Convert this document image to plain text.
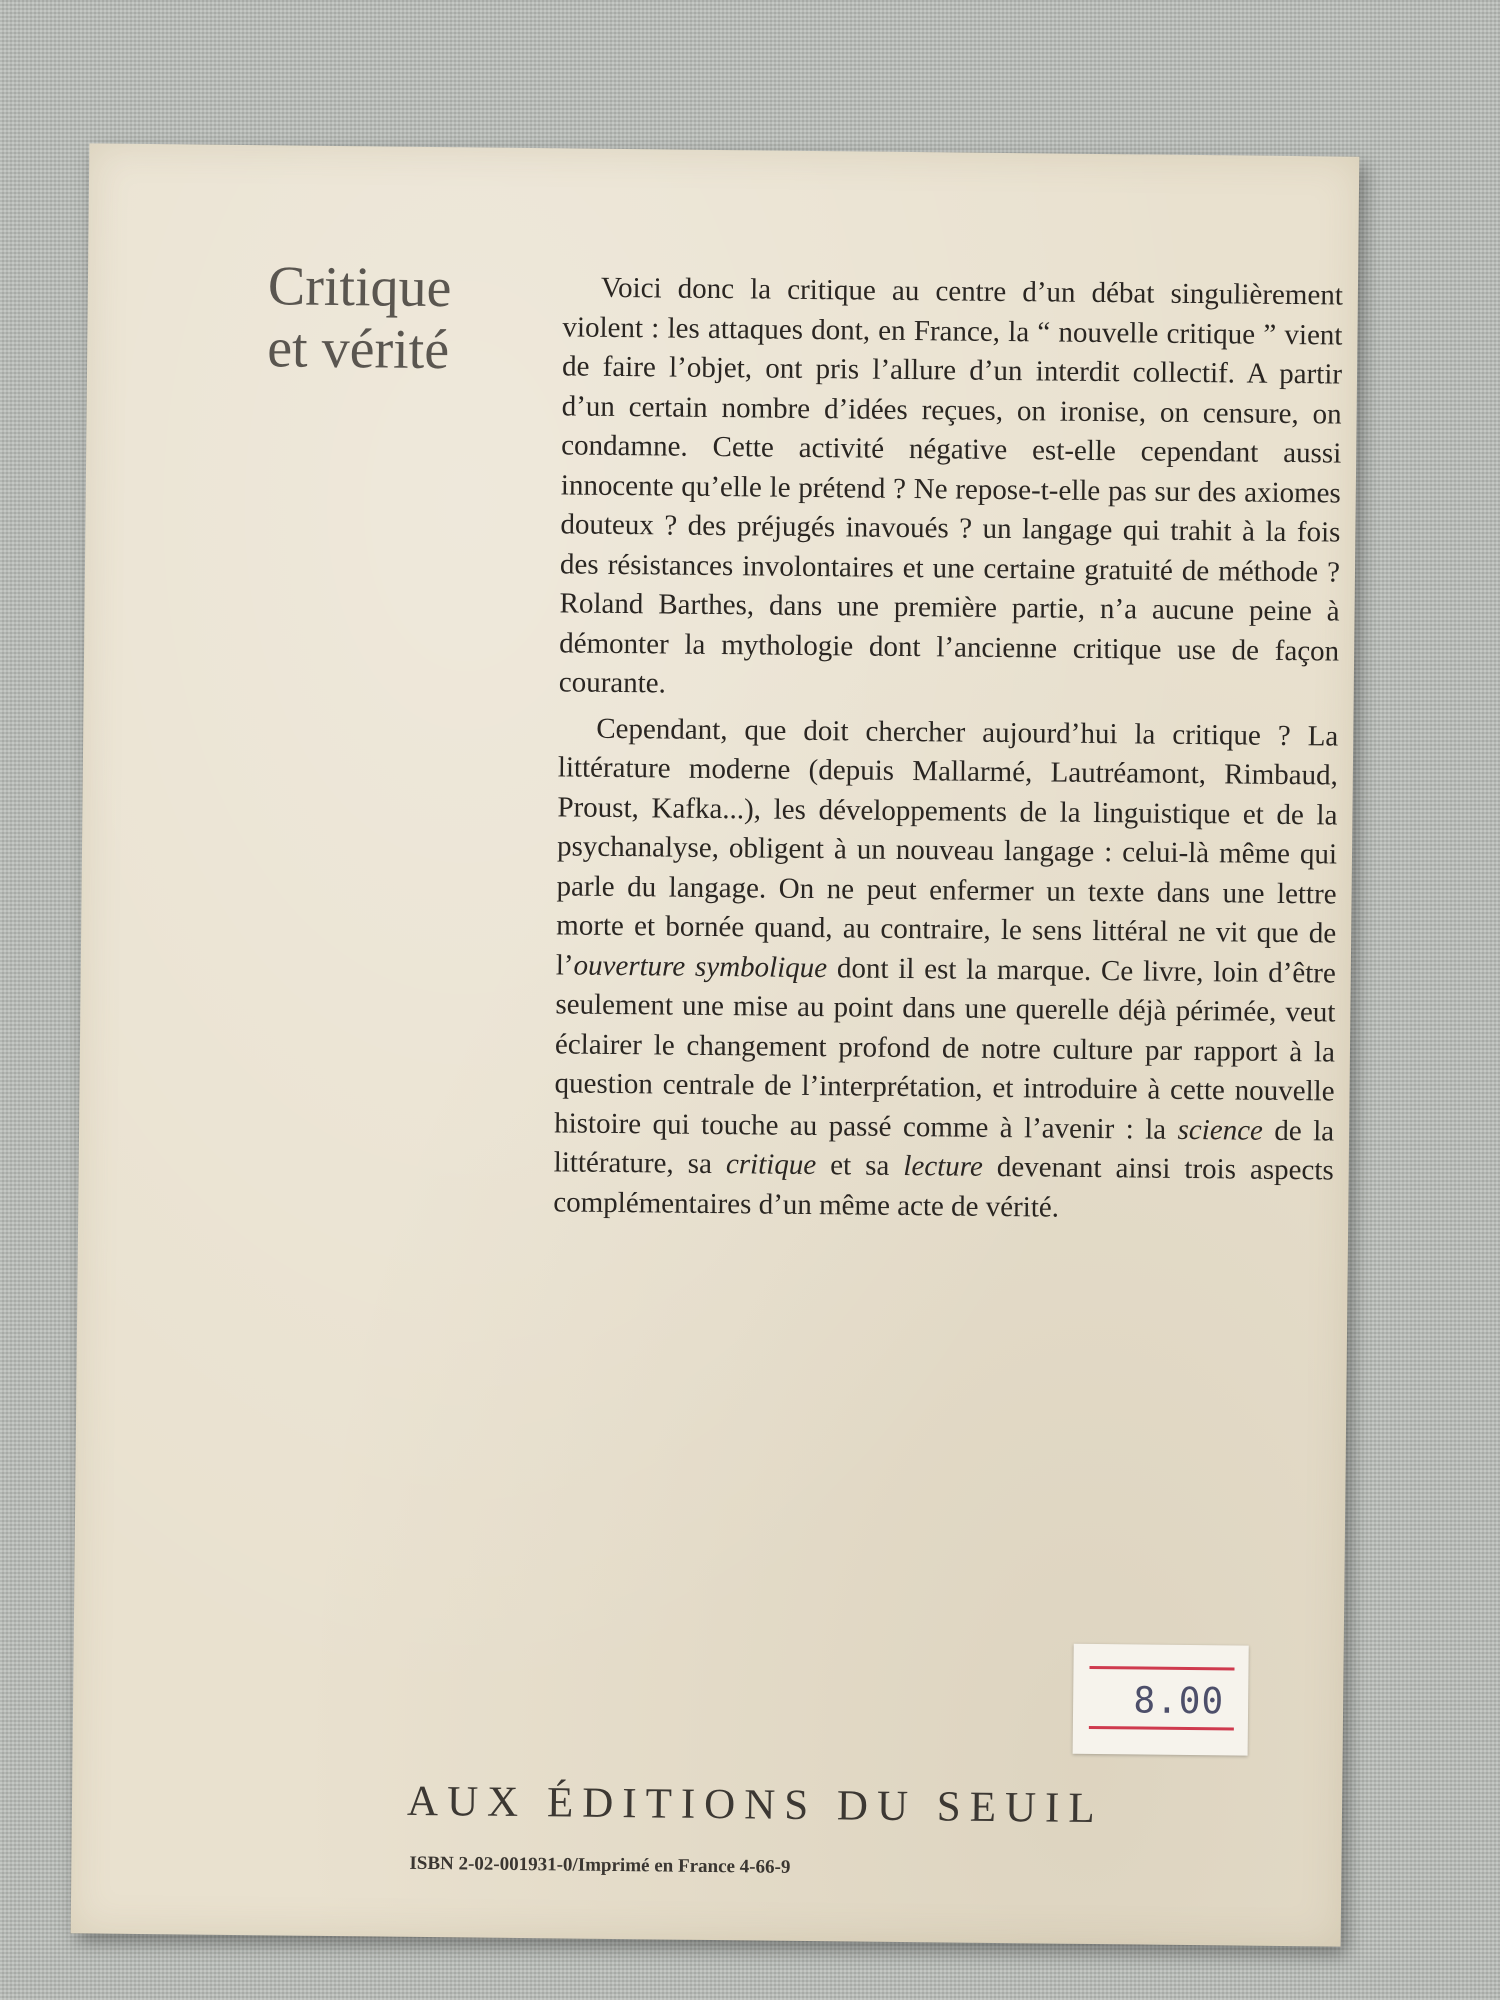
Critique
et vérité

Voici donc la critique au centre d’un débat singulièrement violent : les attaques dont, en France, la “ nouvelle critique ” vient de faire l’objet, ont pris l’allure d’un interdit collectif. A partir d’un certain nombre d’idées reçues, on ironise, on censure, on condamne. Cette activité négative est-elle cependant aussi innocente qu’elle le prétend ? Ne repose-t-elle pas sur des axiomes douteux ? des préjugés inavoués ? un langage qui trahit à la fois des résistances involontaires et une certaine gratuité de méthode ? Roland Barthes, dans une première partie, n’a aucune peine à démonter la mythologie dont l’ancienne critique use de façon courante.

Cependant, que doit chercher aujourd’hui la critique ? La littérature moderne (depuis Mallarmé, Lautréamont, Rimbaud, Proust, Kafka...), les développements de la linguistique et de la psychanalyse, obligent à un nouveau langage : celui-là même qui parle du langage. On ne peut enfermer un texte dans une lettre morte et bornée quand, au contraire, le sens littéral ne vit que de l’ouverture symbolique dont il est la marque. Ce livre, loin d’être seulement une mise au point dans une querelle déjà périmée, veut éclairer le changement profond de notre culture par rapport à la question centrale de l’interprétation, et introduire à cette nouvelle histoire qui touche au passé comme à l’avenir : la science de la littérature, sa critique et sa lecture devenant ainsi trois aspects complémentaires d’un même acte de vérité.

8.00
AUX ÉDITIONS DU SEUIL
ISBN 2-02-001931-0/Imprimé en France 4-66-9
